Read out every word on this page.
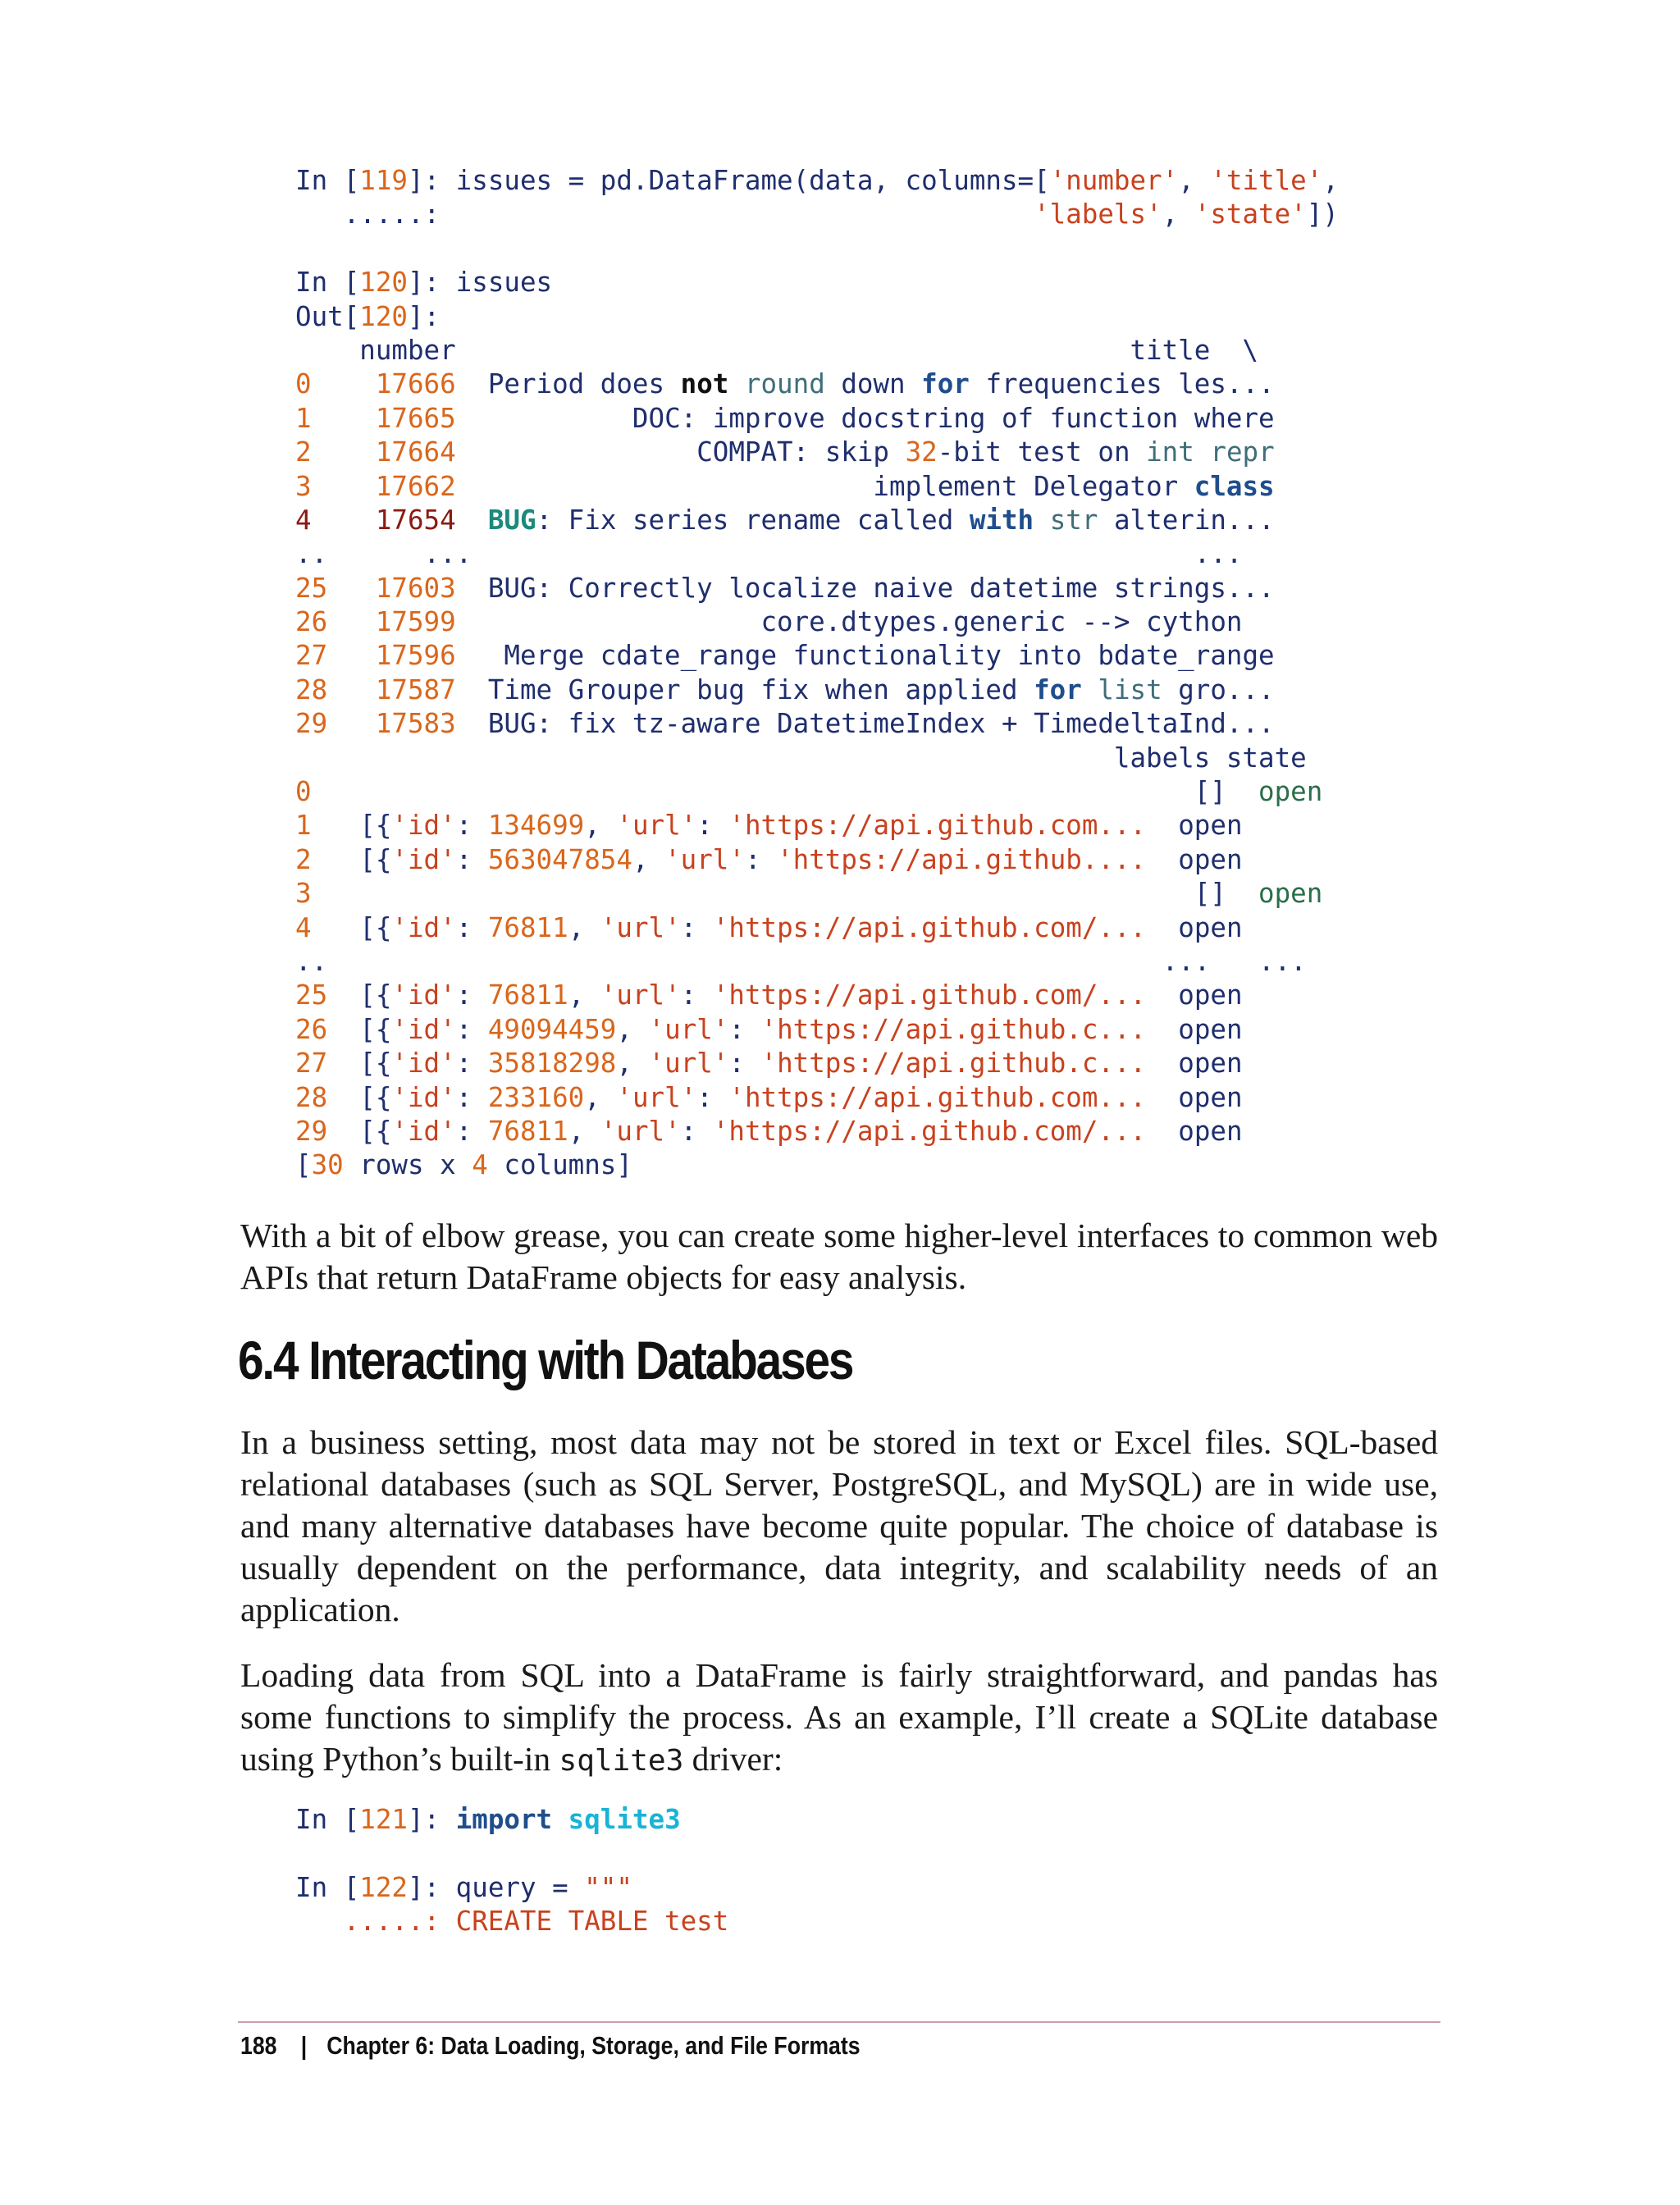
In [119]: issues = pd.DataFrame(data, columns=['number', 'title',
.....:                                     'labels', 'state'])
In [120]: issues
Out[120]:
number                                          title  \
0 17666  Period does not round down for frequencies les...
1 17665           DOC: improve docstring of function where
2 17664               COMPAT: skip 32-bit test on int repr
3 17662                          implement Delegator class
4 17654 BUG: Fix series rename called with str alterin...
..      ...                                             ...
25 17603  BUG: Correctly localize naive datetime strings...
26 17599                   core.dtypes.generic --> cython
27 17596   Merge cdate_range functionality into bdate_range
28 17587  Time Grouper bug fix when applied for list gro...
29 17583  BUG: fix tz-aware DatetimeIndex + TimedeltaInd...
labels state
0                                                       []  open
1   [{'id': 134699, 'url': 'https://api.github.com...  open
2   [{'id': 563047854, 'url': 'https://api.github....  open
3                                                       []  open
4   [{'id': 76811, 'url': 'https://api.github.com/...  open
..                                                    ...   ...
25  [{'id': 76811, 'url': 'https://api.github.com/...  open
26  [{'id': 49094459, 'url': 'https://api.github.c...  open
27  [{'id': 35818298, 'url': 'https://api.github.c...  open
28  [{'id': 233160, 'url': 'https://api.github.com...  open
29  [{'id': 76811, 'url': 'https://api.github.com/...  open
[30 rows x 4 columns]

With a bit of elbow grease, you can create some higher-level interfaces to common web APIs that return DataFrame objects for easy analysis.

6.4 Interacting with Databases

In a business setting, most data may not be stored in text or Excel files. SQL-based relational databases (such as SQL Server, PostgreSQL, and MySQL) are in wide use, and many alternative databases have become quite popular. The choice of database is usually dependent on the performance, data integrity, and scalability needs of an application.

Loading data from SQL into a DataFrame is fairly straightforward, and pandas has some functions to simplify the process. As an example, I’ll create a SQLite database using Python’s built-in sqlite3 driver:

In [121]: import sqlite3
In [122]: query = """
.....: CREATE TABLE test
188 | Chapter 6: Data Loading, Storage, and File Formats
